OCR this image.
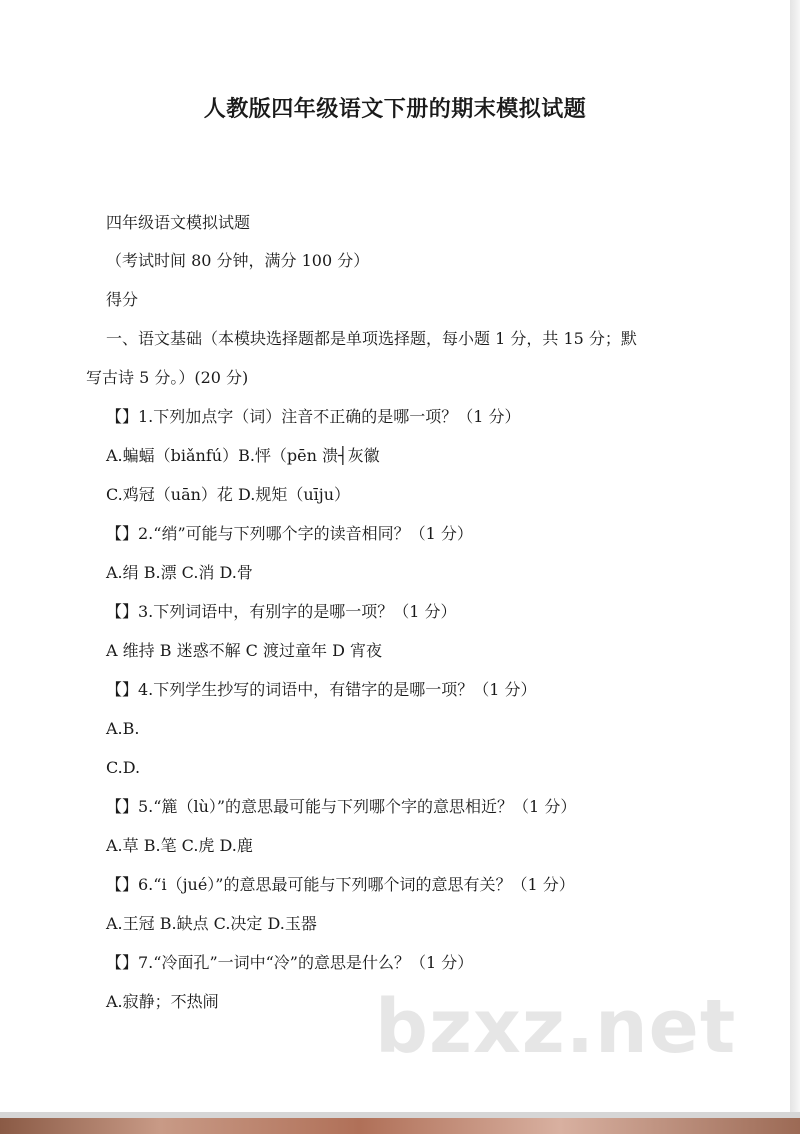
人教版四年级语文下册的期末模拟试题
四年级语文模拟试题
（考试时间 80 分钟，满分 100 分）
得分
一、语文基础（本模块选择题都是单项选择题，每小题 1 分，共 15 分；默
写古诗 5 分。）(20 分)
【】1.下列加点字（词）注音不正确的是哪一项？（1 分）
A.蝙蝠（biǎnfú）B.怦（pēn 溃┤灰徽
C.鸡冠（uān）花 D.规矩（uīju）
【】2.“绡”可能与下列哪个字的读音相同？（1 分）
A.绢 B.漂 C.消 D.骨
【】3.下列词语中，有别字的是哪一项？（1 分）
A 维持 B 迷惑不解 C 渡过童年 D 宵夜
【】4.下列学生抄写的词语中，有错字的是哪一项？（1 分）
A.B.
C.D.
【】5.“簏（lù）”的意思最可能与下列哪个字的意思相近？（1 分）
A.草 B.笔 C.虎 D.鹿
【】6.“i（jué）”的意思最可能与下列哪个词的意思有关？（1 分）
A.王冠 B.缺点 C.决定 D.玉器
【】7.“冷面孔”一词中“冷”的意思是什么？（1 分）
A.寂静；不热闹 bzxz.net
